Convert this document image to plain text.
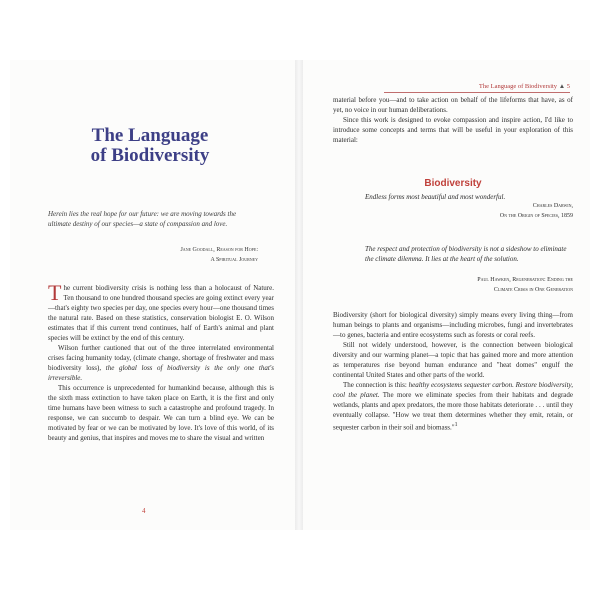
The Language
of Biodiversity
Herein lies the real hope for our future: we are moving towards the ultimate destiny of our species—a state of compassion and love.
Jane Goodall, Reason for Hope:
A Spiritual Journey

The current biodiversity crisis is nothing less than a holocaust of Nature. Ten thousand to one hundred thousand species are going extinct every year—that's eighty two species per day, one species every hour—one thousand times the natural rate. Based on these statistics, conservation biologist E. O. Wilson estimates that if this current trend continues, half of Earth's animal and plant species will be extinct by the end of this century.

Wilson further cautioned that out of the three interrelated environmental crises facing humanity today, (climate change, shortage of freshwater and mass biodiversity loss), the global loss of biodiversity is the only one that's irreversible.

This occurrence is unprecedented for humankind because, although this is the sixth mass extinction to have taken place on Earth, it is the first and only time humans have been witness to such a catastrophe and profound tragedy. In response, we can succumb to despair. We can turn a blind eye. We can be motivated by fear or we can be motivated by love. It's love of this world, of its beauty and genius, that inspires and moves me to share the visual and written

4
The Language of Biodiversity ▲ 5

material before you—and to take action on behalf of the lifeforms that have, as of yet, no voice in our human deliberations.

Since this work is designed to evoke compassion and inspire action, I'd like to introduce some concepts and terms that will be useful in your exploration of this material:

Biodiversity
Endless forms most beautiful and most wonderful.
Charles Darwin,
On the Origin of Species, 1859
The respect and protection of biodiversity is not a sideshow to eliminate the climate dilemma. It lies at the heart of the solution.
Paul Hawken, Regeneration: Ending the
Climate Crisis in One Generation

Biodiversity (short for biological diversity) simply means every living thing—from human beings to plants and organisms—including microbes, fungi and invertebrates—to genes, bacteria and entire ecosystems such as forests or coral reefs.

Still not widely understood, however, is the connection between biological diversity and our warming planet—a topic that has gained more and more attention as temperatures rise beyond human endurance and "heat domes" engulf the continental United States and other parts of the world.

The connection is this: healthy ecosystems sequester carbon. Restore biodiversity, cool the planet. The more we eliminate species from their habitats and degrade wetlands, plants and apex predators, the more those habitats deteriorate . . . until they eventually collapse. "How we treat them determines whether they emit, retain, or sequester carbon in their soil and biomass."$^1$
